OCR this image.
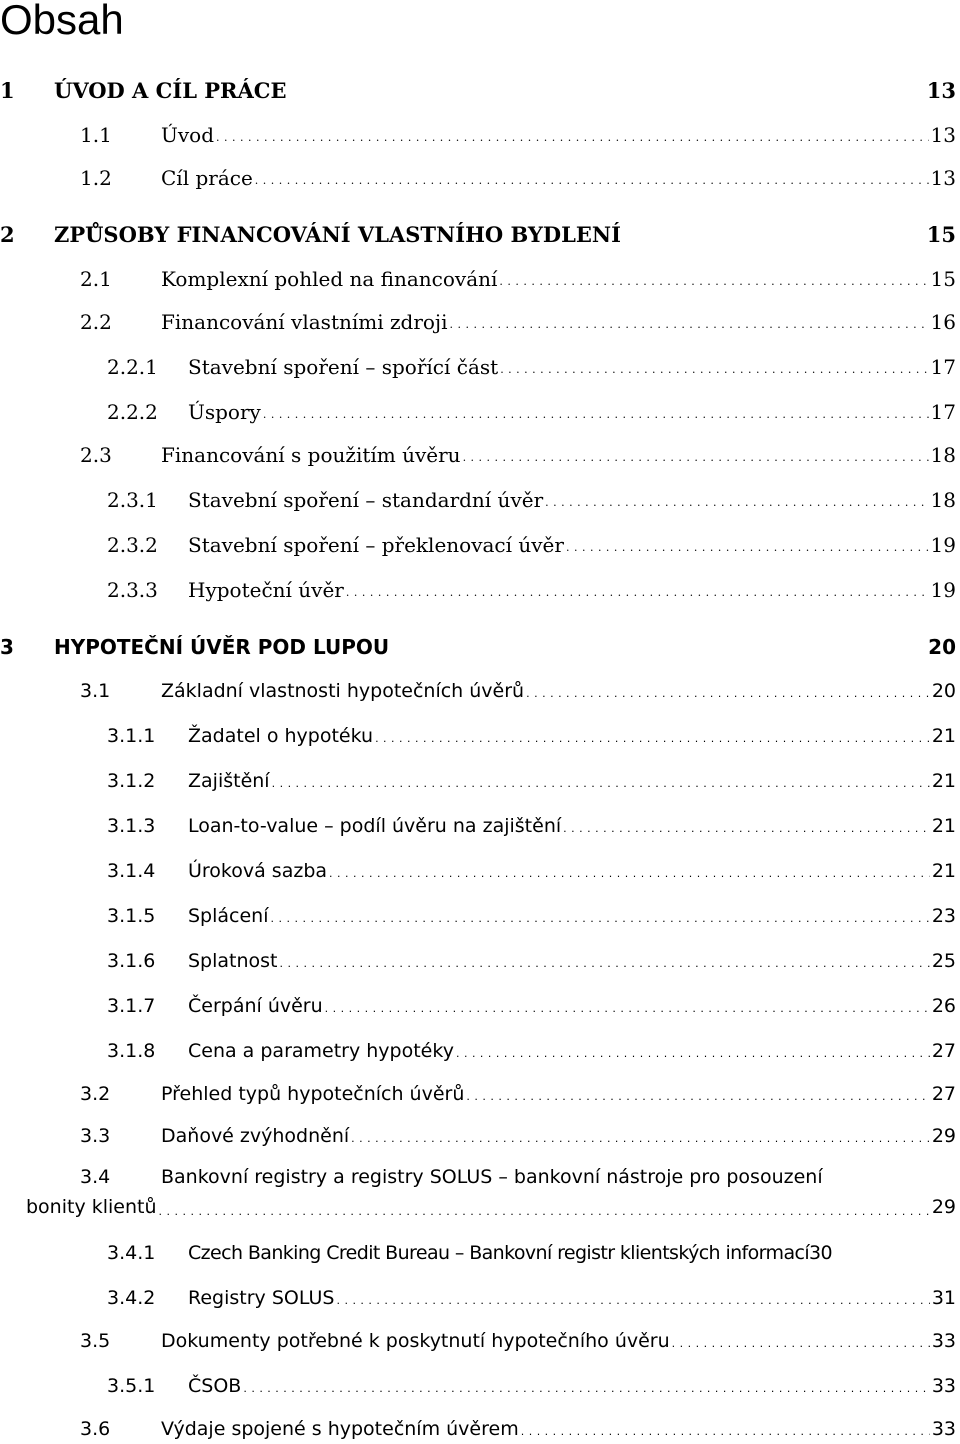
Obsah
1 ÚVOD A CÍL PRÁCE	13
1.1 Úvod . . .	13
1.2 Cíl práce . . .	13
2 ZPŮSOBY FINANCOVÁNÍ VLASTNÍHO BYDLENÍ	15
2.1 Komplexní pohled na financování . . .	15
2.2 Financování vlastními zdroji . . .	16
2.2.1 Stavební spoření – spořící část . . .	17
2.2.2 Úspory . . .	17
2.3 Financování s použitím úvěru . . .	18
2.3.1 Stavební spoření – standardní úvěr . . .	18
2.3.2 Stavební spoření – překlenovací úvěr . . .	19
2.3.3 Hypoteční úvěr . . .	19
3 HYPOTEČNÍ ÚVĚR POD LUPOU	20
3.1	Základní vlastnosti hypotečních úvěrů . . .	20
3.1.1 Žadatel o hypotéku . . .	21
3.1.2 Zajištění . . .	21
3.1.3 Loan-to-value – podíl úvěru na zajištění . . .	21
3.1.4 Úroková sazba . . .	21
3.1.5 Splácení . . .	23
3.1.6 Splatnost . . .	25
3.1.7 Čerpání úvěru . . .	26
3.1.8 Cena a parametry hypotéky . . .	27
3.2	Přehled typů hypotečních úvěrů . . .	27
3.3	Daňové zvýhodnění . . .	29
3.4	Bankovní registry a registry SOLUS – bankovní nástroje pro posouzení
bonity klientů . . .	29
3.4.1 Czech Banking Credit Bureau – Bankovní registr klientských informací 30
3.4.2 Registry SOLUS . . .	31
3.5	Dokumenty potřebné k poskytnutí hypotečního úvěru . . .	33
3.5.1 ČSOB . . .	33
3.6	Výdaje spojené s hypotečním úvěrem . . .	33
